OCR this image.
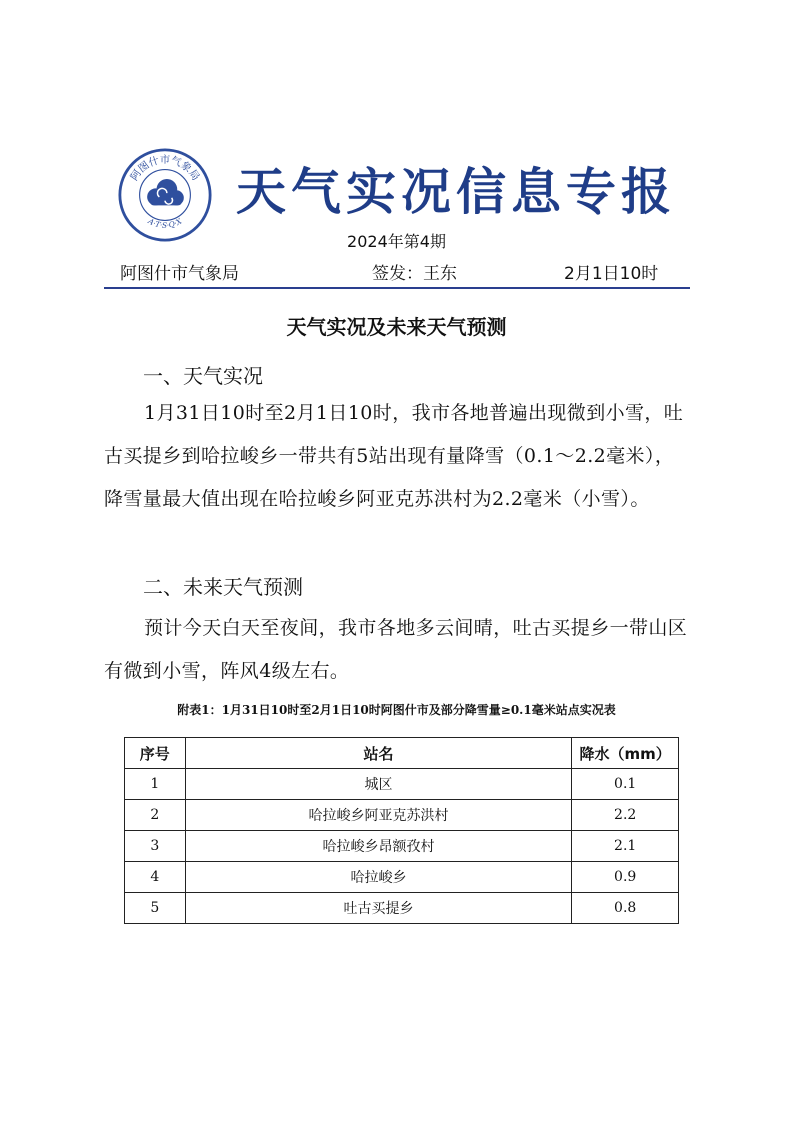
阿图什市气象局
A·T·S·Q·X
天气实况信息专报
2024年第4期
阿图什市气象局	签发：王东	2月1日10时
天气实况及未来天气预测
一、天气实况

1月31日10时至2月1日10时，我市各地普遍出现微到小雪，吐古买提乡到哈拉峻乡一带共有5站出现有量降雪（0.1～2.2毫米），降雪量最大值出现在哈拉峻乡阿亚克苏洪村为2.2毫米（小雪）。

二、未来天气预测

预计今天白天至夜间，我市各地多云间晴，吐古买提乡一带山区有微到小雪，阵风4级左右。

附表1：1月31日10时至2月1日10时阿图什市及部分降雪量≥0.1毫米站点实况表
序号	站名	降水（mm）
1	城区	0.1
2	哈拉峻乡阿亚克苏洪村	2.2
3	哈拉峻乡昂额孜村	2.1
4	哈拉峻乡	0.9
5	吐古买提乡	0.8
